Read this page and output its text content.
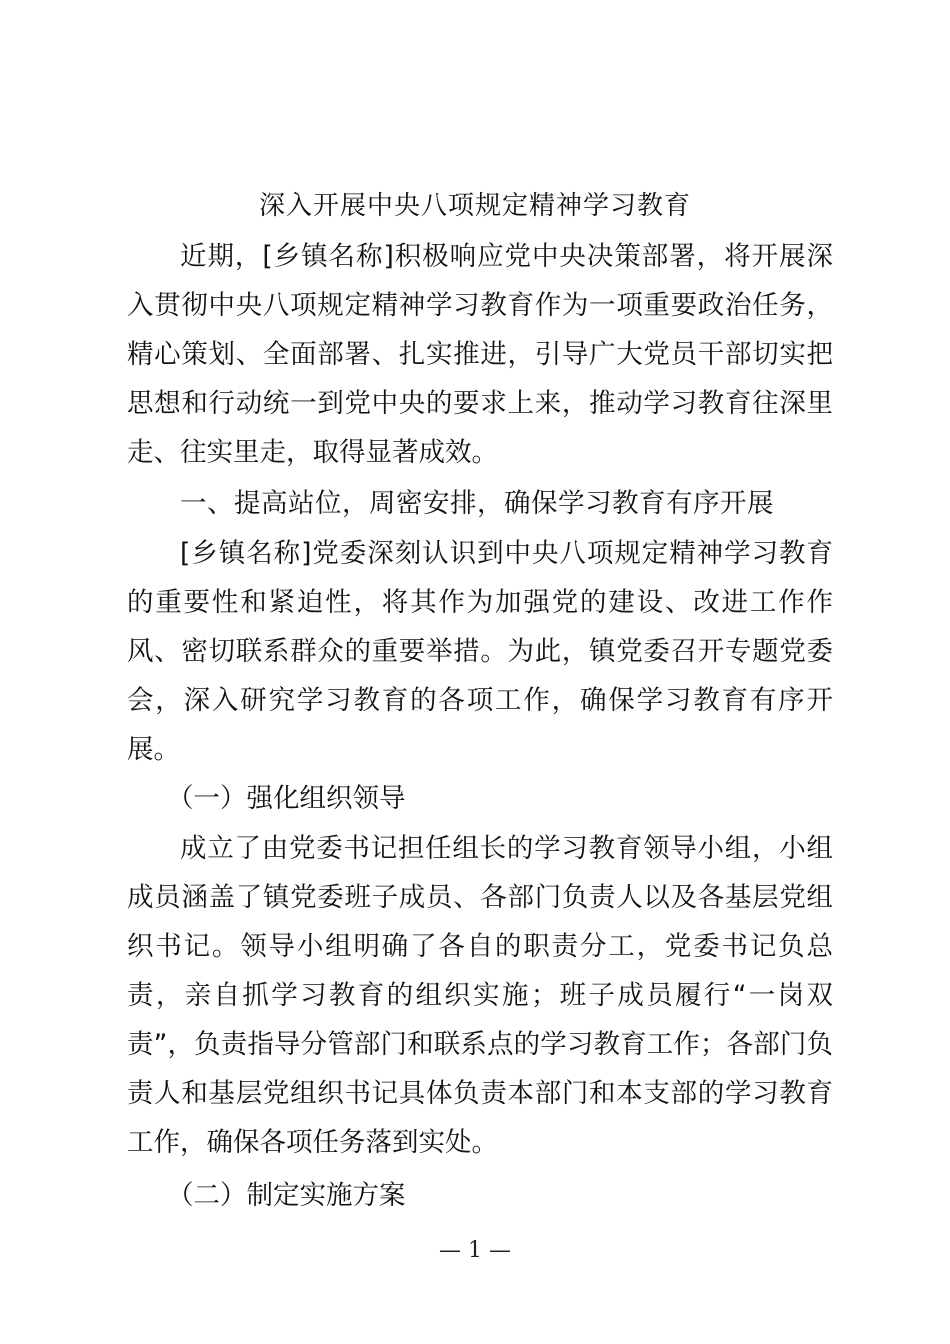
深入开展中央八项规定精神学习教育

近期，[乡镇名称]积极响应党中央决策部署，将开展深入贯彻中央八项规定精神学习教育作为一项重要政治任务，精心策划、全面部署、扎实推进，引导广大党员干部切实把思想和行动统一到党中央的要求上来，推动学习教育往深里走、往实里走，取得显著成效。

一、提高站位，周密安排，确保学习教育有序开展

[乡镇名称]党委深刻认识到中央八项规定精神学习教育的重要性和紧迫性，将其作为加强党的建设、改进工作作风、密切联系群众的重要举措。为此，镇党委召开专题党委会，深入研究学习教育的各项工作，确保学习教育有序开展。

（一）强化组织领导

成立了由党委书记担任组长的学习教育领导小组，小组成员涵盖了镇党委班子成员、各部门负责人以及各基层党组织书记。领导小组明确了各自的职责分工，党委书记负总责，亲自抓学习教育的组织实施；班子成员履行“一岗双责”，负责指导分管部门和联系点的学习教育工作；各部门负责人和基层党组织书记具体负责本部门和本支部的学习教育工作，确保各项任务落到实处。

（二）制定实施方案

— 1 —
